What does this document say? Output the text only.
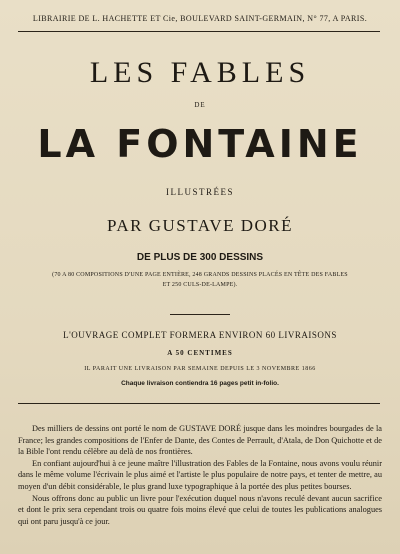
LIBRAIRIE DE L. HACHETTE ET Cie, BOULEVARD SAINT-GERMAIN, N° 77, A PARIS.
LES FABLES
DE
LA FONTAINE
ILLUSTRÉES
PAR GUSTAVE DORÉ
DE PLUS DE 300 DESSINS
(70 A 80 COMPOSITIONS D'UNE PAGE ENTIÈRE, 248 GRANDS DESSINS PLACÉS EN TÊTE DES FABLES
ET 250 CULS-DE-LAMPE).
L'OUVRAGE COMPLET FORMERA ENVIRON 60 LIVRAISONS
A 50 CENTIMES
IL PARAIT UNE LIVRAISON PAR SEMAINE DEPUIS LE 3 NOVEMBRE 1866
Chaque livraison contiendra 16 pages petit in-folio.

Des milliers de dessins ont porté le nom de GUSTAVE DORÉ jusque dans les moindres bourgades de la France; les grandes compositions de l'Enfer de Dante, des Contes de Perrault, d'Atala, de Don Quichotte et de la Bible l'ont rendu célèbre au delà de nos frontières.

En confiant aujourd'hui à ce jeune maître l'illustration des Fables de la Fontaine, nous avons voulu réunir dans le même volume l'écrivain le plus aimé et l'artiste le plus populaire de notre pays, et tenter de mettre, au moyen d'un débit considérable, le plus grand luxe typographique à la portée des plus petites bourses.

Nous offrons donc au public un livre pour l'exécution duquel nous n'avons reculé devant aucun sacrifice et dont le prix sera cependant trois ou quatre fois moins élevé que celui de toutes les publications analogues qui ont paru jusqu'à ce jour.
